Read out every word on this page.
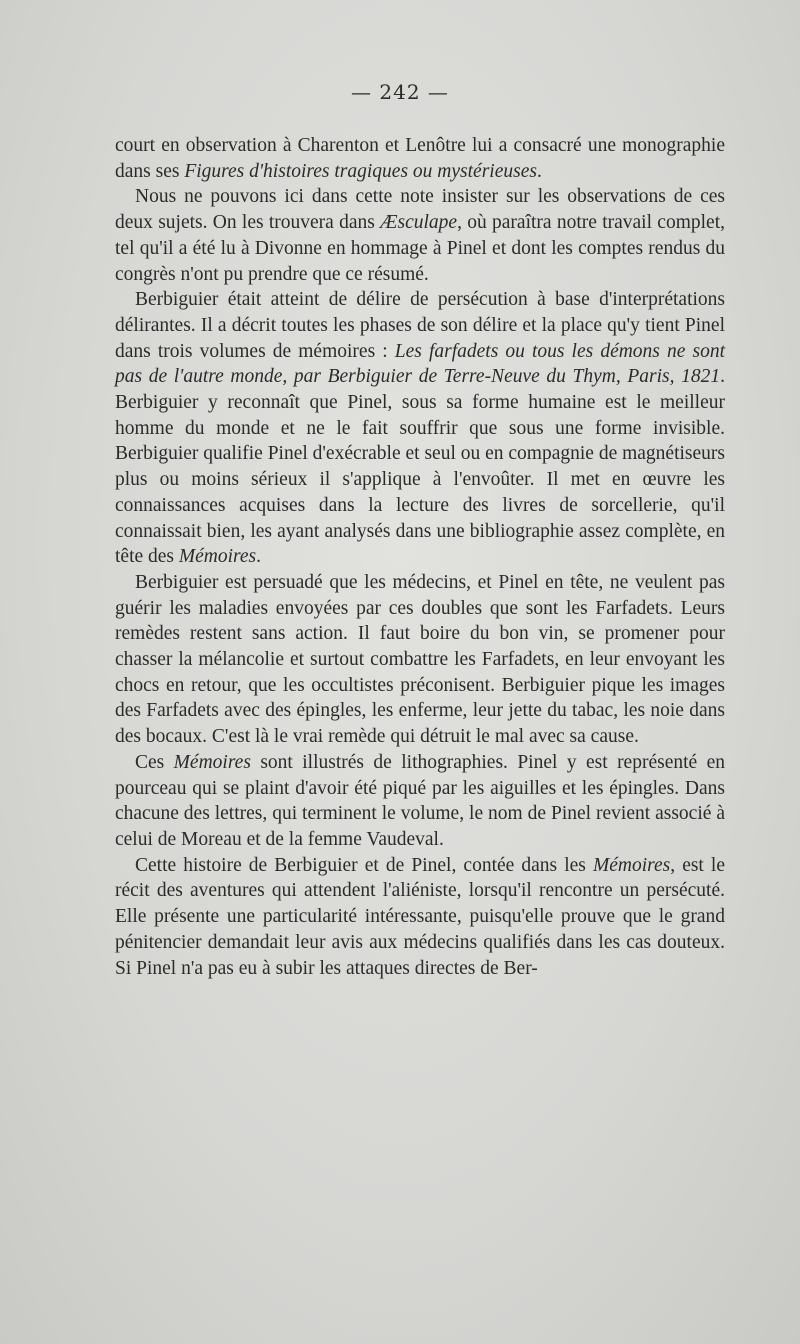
— 242 —

court en observation à Charenton et Lenôtre lui a consacré une monographie dans ses Figures d'histoires tragiques ou mystérieuses.

Nous ne pouvons ici dans cette note insister sur les observations de ces deux sujets. On les trouvera dans Æsculape, où paraîtra notre travail complet, tel qu'il a été lu à Divonne en hommage à Pinel et dont les comptes rendus du congrès n'ont pu prendre que ce résumé.

Berbiguier était atteint de délire de persécution à base d'interprétations délirantes. Il a décrit toutes les phases de son délire et la place qu'y tient Pinel dans trois volumes de mémoires : Les farfadets ou tous les démons ne sont pas de l'autre monde, par Berbiguier de Terre-Neuve du Thym, Paris, 1821. Berbiguier y reconnaît que Pinel, sous sa forme humaine est le meilleur homme du monde et ne le fait souffrir que sous une forme invisible. Berbiguier qualifie Pinel d'exécrable et seul ou en compagnie de magnétiseurs plus ou moins sérieux il s'applique à l'envoûter. Il met en œuvre les connaissances acquises dans la lecture des livres de sorcellerie, qu'il connaissait bien, les ayant analysés dans une bibliographie assez complète, en tête des Mémoires.

Berbiguier est persuadé que les médecins, et Pinel en tête, ne veulent pas guérir les maladies envoyées par ces doubles que sont les Farfadets. Leurs remèdes restent sans action. Il faut boire du bon vin, se promener pour chasser la mélancolie et surtout combattre les Farfadets, en leur envoyant les chocs en retour, que les occultistes préconisent. Berbiguier pique les images des Farfadets avec des épingles, les enferme, leur jette du tabac, les noie dans des bocaux. C'est là le vrai remède qui détruit le mal avec sa cause.

Ces Mémoires sont illustrés de lithographies. Pinel y est représenté en pourceau qui se plaint d'avoir été piqué par les aiguilles et les épingles. Dans chacune des lettres, qui terminent le volume, le nom de Pinel revient associé à celui de Moreau et de la femme Vaudeval.

Cette histoire de Berbiguier et de Pinel, contée dans les Mémoires, est le récit des aventures qui attendent l'aliéniste, lorsqu'il rencontre un persécuté. Elle présente une particularité intéressante, puisqu'elle prouve que le grand pénitencier demandait leur avis aux médecins qualifiés dans les cas douteux. Si Pinel n'a pas eu à subir les attaques directes de Ber-
